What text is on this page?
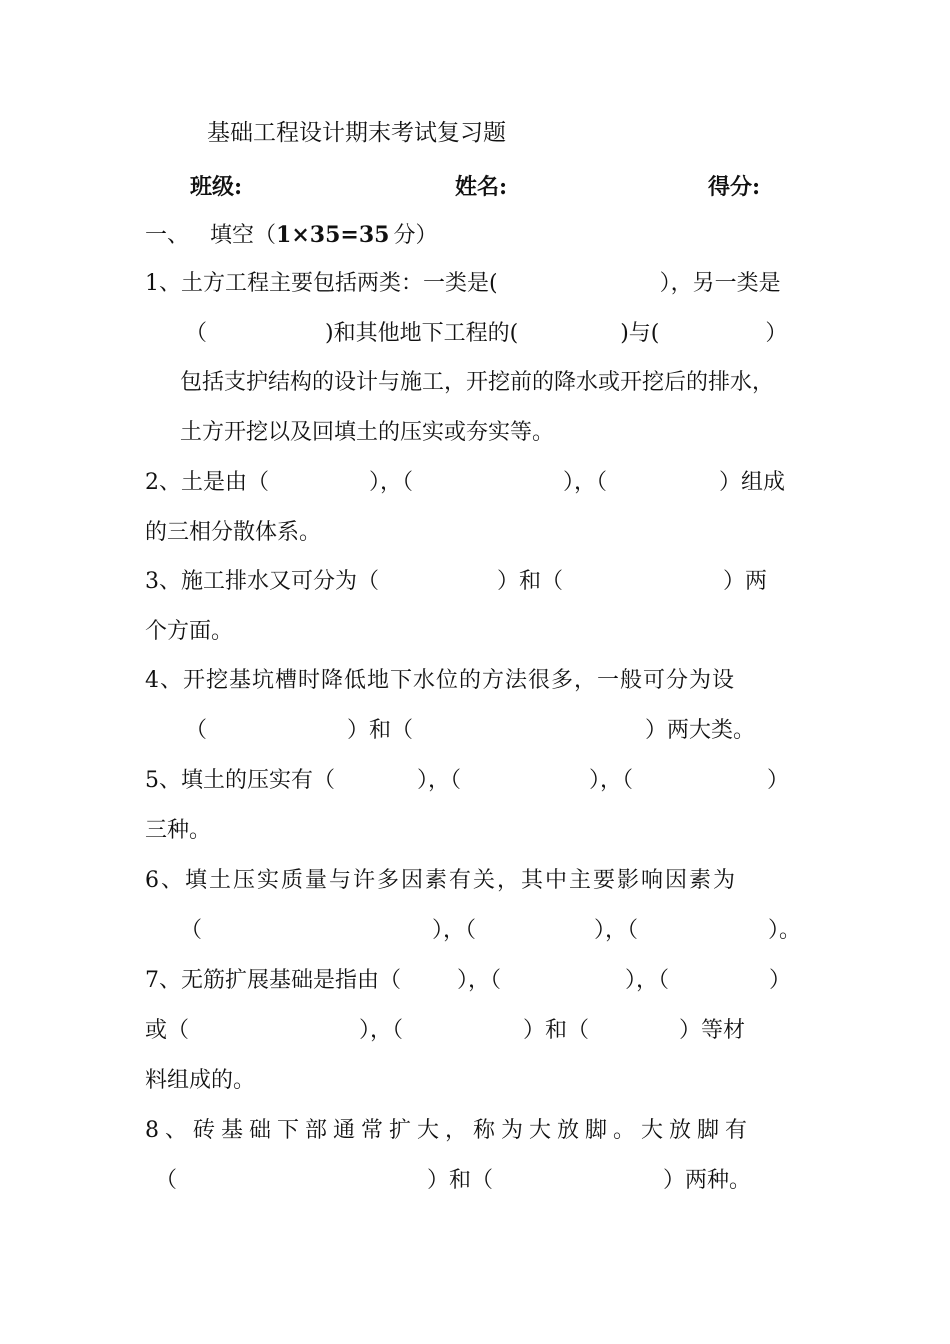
基础工程设计期末考试复习题
班级:	姓名:	得分:
一、 填空（1×35=35 分）
1、土方工程主要包括两类：一类是(	），另一类是
（	)和其他地下工程的(	)与(	）
包括支护结构的设计与施工，开挖前的降水或开挖后的排水，
土方开挖以及回填土的压实或夯实等。
2、土是由（	），（	），（	）组成
的三相分散体系。
3、施工排水又可分为（	）和（	）两
个方面。
4、开挖基坑槽时降低地下水位的方法很多，一般可分为设
（	）和（	）两大类。
5、填土的压实有（	），（	），（	）
三种。
6、填土压实质量与许多因素有关，其中主要影响因素为
（	），（	），（	）。
7、无筋扩展基础是指由（	），（	），（	）
或（	），（	）和（	）等材
料组成的。
8、砖基础下部通常扩大，称为大放脚。大放脚有
（	）和（	）两种。
